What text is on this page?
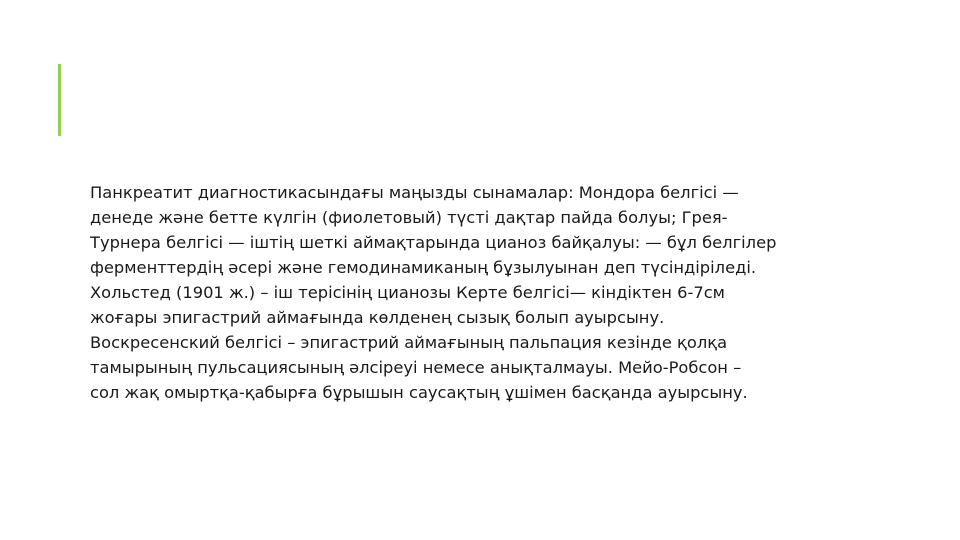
Панкреатит диагностикасындағы маңызды сынамалар: Мондора белгісі —
денеде және бетте күлгін (фиолетовый) түсті дақтар пайда болуы; Грея-
Турнера белгісі — іштің шеткі аймақтарында цианоз байқалуы: — бұл белгілер
ферменттердің әсері және гемодинамиканың бұзылуынан деп түсіндіріледі.
Хольстед (1901 ж.) – іш терісінің цианозы Керте белгісі— кіндіктен 6-7см
жоғары эпигастрий аймағында көлденең сызық болып ауырсыну.
Воскресенский белгісі – эпигастрий аймағының пальпация кезінде қолқа
тамырының пульсациясының әлсіреуі немесе анықталмауы. Мейо-Робсон –
сол жақ омыртқа-қабырға бұрышын саусақтың ұшімен басқанда ауырсыну.
